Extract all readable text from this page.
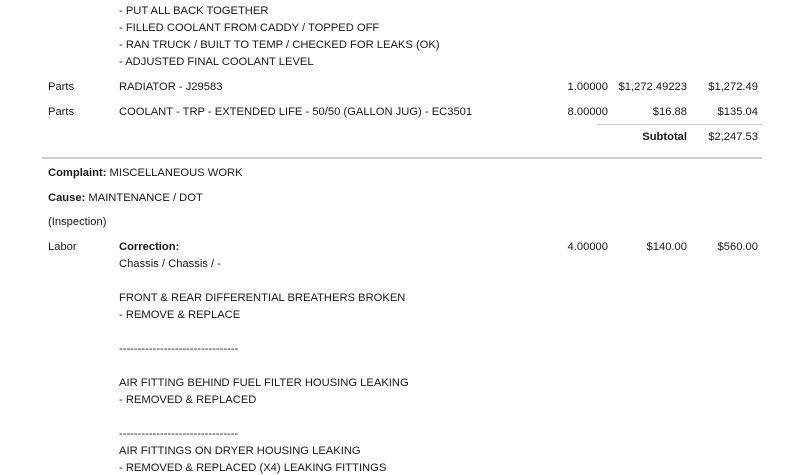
- PUT ALL BACK TOGETHER
- FILLED COOLANT FROM CADDY / TOPPED OFF
- RAN TRUCK / BUILT TO TEMP / CHECKED FOR LEAKS (OK)
- ADJUSTED FINAL COOLANT LEVEL
Parts	RADIATOR - J29583	1.00000 $1,272.49223 $1,272.49
Parts	COOLANT - TRP - EXTENDED LIFE - 50/50 (GALLON JUG) - EC3501	8.00000	$16.88	$135.04
Subtotal $2,247.53
Complaint: MISCELLANEOUS WORK
Cause: MAINTENANCE / DOT
(Inspection)
Labor	Correction:	4.00000	$140.00	$560.00
Chassis / Chassis / -
FRONT & REAR DIFFERENTIAL BREATHERS BROKEN
- REMOVE & REPLACE
--------------------------------
AIR FITTING BEHIND FUEL FILTER HOUSING LEAKING
- REMOVED & REPLACED
--------------------------------
AIR FITTINGS ON DRYER HOUSING LEAKING
- REMOVED & REPLACED (X4) LEAKING FITTINGS
